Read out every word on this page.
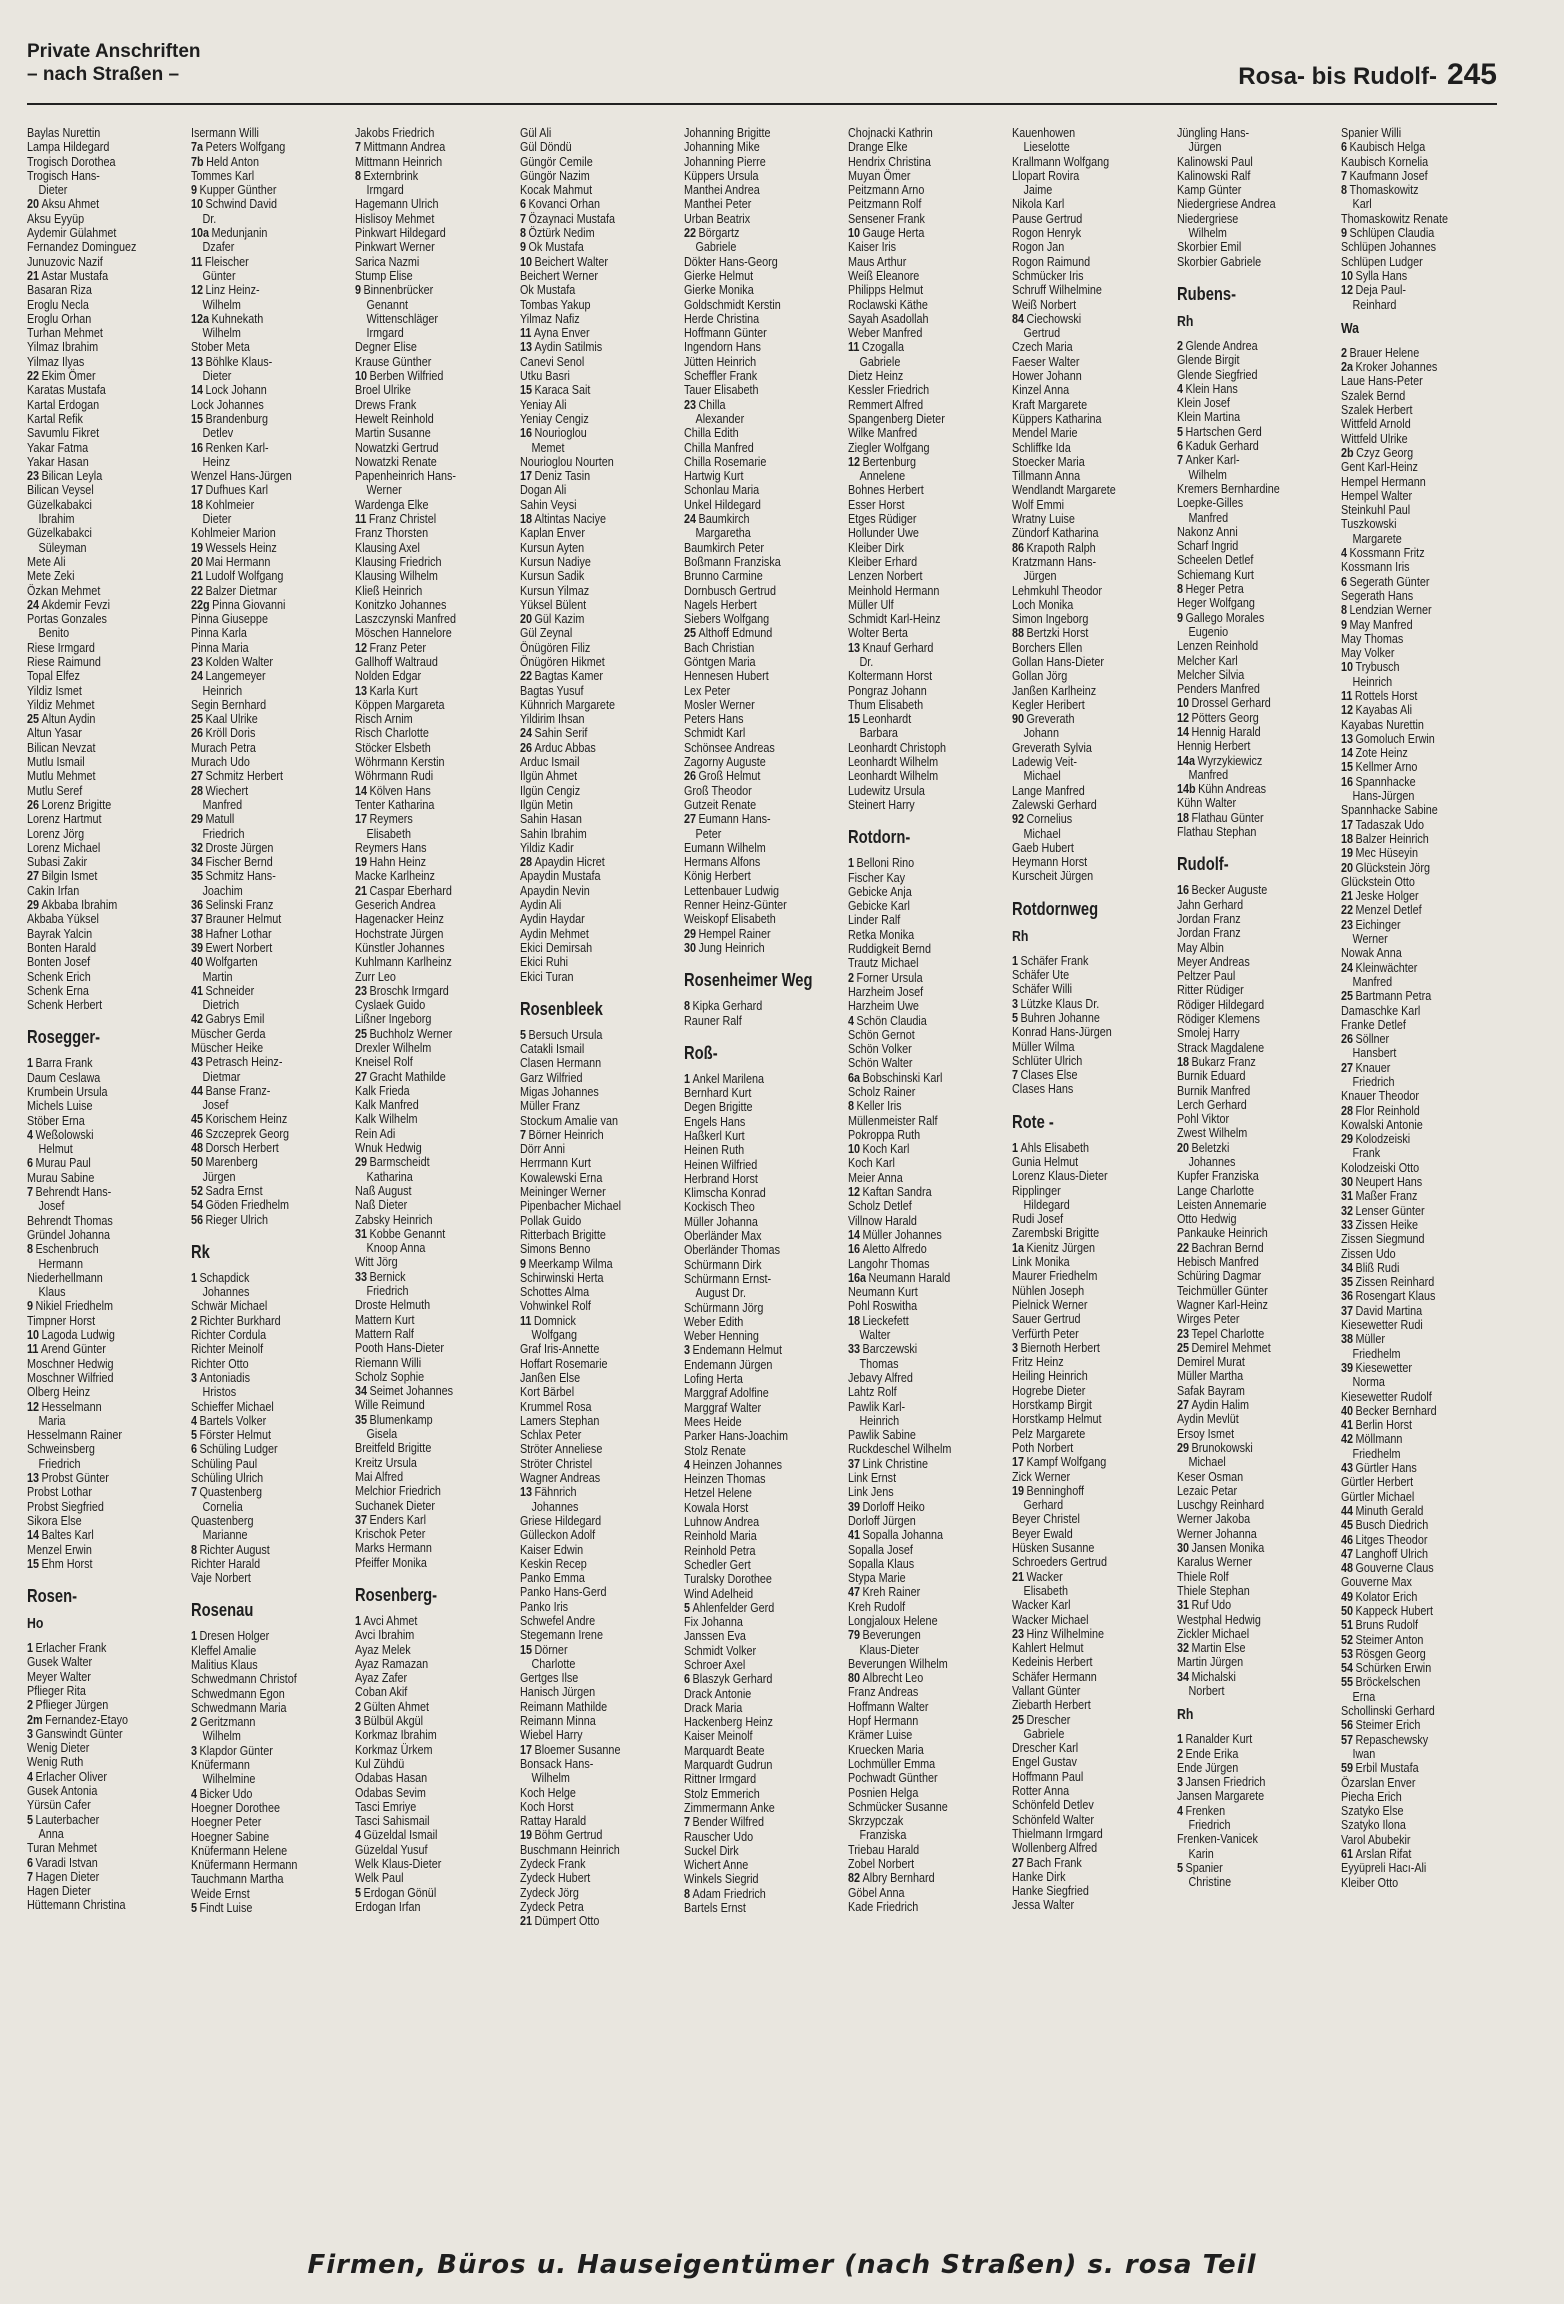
Private Anschriften
– nach Straßen –	Rosa- bis Rudolf- 245
Baylas Nurettin
Lampa Hildegard
Trogisch Dorothea
Trogisch Hans-
Dieter
20 Aksu Ahmet
Aksu Eyyüp
Aydemir Gülahmet
Fernandez Dominguez
Junuzovic Nazif
21 Astar Mustafa
Basaran Riza
Eroglu Necla
Eroglu Orhan
Turhan Mehmet
Yilmaz Ibrahim
Yilmaz Ilyas
22 Ekim Ömer
Karatas Mustafa
Kartal Erdogan
Kartal Refik
Savumlu Fikret
Yakar Fatma
Yakar Hasan
23 Bilican Leyla
Bilican Veysel
Güzelkabakci
Ibrahim
Güzelkabakci
Süleyman
Mete Ali
Mete Zeki
Özkan Mehmet
24 Akdemir Fevzi
Portas Gonzales
Benito
Riese Irmgard
Riese Raimund
Topal Elfez
Yildiz Ismet
Yildiz Mehmet
25 Altun Aydin
Altun Yasar
Bilican Nevzat
Mutlu Ismail
Mutlu Mehmet
Mutlu Seref
26 Lorenz Brigitte
Lorenz Hartmut
Lorenz Jörg
Lorenz Michael
Subasi Zakir
27 Bilgin Ismet
Cakin Irfan
29 Akbaba Ibrahim
Akbaba Yüksel
Bayrak Yalcin
Bonten Harald
Bonten Josef
Schenk Erich
Schenk Erna
Schenk Herbert
Rosegger-
1 Barra Frank
Daum Ceslawa
Krumbein Ursula
Michels Luise
Stöber Erna
4 Weßolowski
Helmut
6 Murau Paul
Murau Sabine
7 Behrendt Hans-
Josef
Behrendt Thomas
Gründel Johanna
8 Eschenbruch
Hermann
Niederhellmann
Klaus
9 Nikiel Friedhelm
Timpner Horst
10 Lagoda Ludwig
11 Arend Günter
Moschner Hedwig
Moschner Wilfried
Olberg Heinz
12 Hesselmann
Maria
Hesselmann Rainer
Schweinsberg
Friedrich
13 Probst Günter
Probst Lothar
Probst Siegfried
Sikora Else
14 Baltes Karl
Menzel Erwin
15 Ehm Horst
Rosen-
Ho
1 Erlacher Frank
Gusek Walter
Meyer Walter
Pflieger Rita
2 Pflieger Jürgen
2m Fernandez-Etayo
3 Ganswindt Günter
Wenig Dieter
Wenig Ruth
4 Erlacher Oliver
Gusek Antonia
Yürsün Cafer
5 Lauterbacher
Anna
Turan Mehmet
6 Varadi Istvan
7 Hagen Dieter
Hagen Dieter
Hüttemann Christina
Isermann Willi
7a Peters Wolfgang
7b Held Anton
Tommes Karl
9 Kupper Günther
10 Schwind David
Dr.
10a Medunjanin
Dzafer
11 Fleischer
Günter
12 Linz Heinz-
Wilhelm
12a Kuhnekath
Wilhelm
Stober Meta
13 Böhlke Klaus-
Dieter
14 Lock Johann
Lock Johannes
15 Brandenburg
Detlev
16 Renken Karl-
Heinz
Wenzel Hans-Jürgen
17 Dufhues Karl
18 Kohlmeier
Dieter
Kohlmeier Marion
19 Wessels Heinz
20 Mai Hermann
21 Ludolf Wolfgang
22 Balzer Dietmar
22g Pinna Giovanni
Pinna Giuseppe
Pinna Karla
Pinna Maria
23 Kolden Walter
24 Langemeyer
Heinrich
Segin Bernhard
25 Kaal Ulrike
26 Kröll Doris
Murach Petra
Murach Udo
27 Schmitz Herbert
28 Wiechert
Manfred
29 Matull
Friedrich
32 Droste Jürgen
34 Fischer Bernd
35 Schmitz Hans-
Joachim
36 Selinski Franz
37 Brauner Helmut
38 Hafner Lothar
39 Ewert Norbert
40 Wolfgarten
Martin
41 Schneider
Dietrich
42 Gabrys Emil
Müscher Gerda
Müscher Heike
43 Petrasch Heinz-
Dietmar
44 Banse Franz-
Josef
45 Korischem Heinz
46 Szczeprek Georg
48 Dorsch Herbert
50 Marenberg
Jürgen
52 Sadra Ernst
54 Göden Friedhelm
56 Rieger Ulrich
Rk
1 Schapdick
Johannes
Schwär Michael
2 Richter Burkhard
Richter Cordula
Richter Meinolf
Richter Otto
3 Antoniadis
Hristos
Schieffer Michael
4 Bartels Volker
5 Förster Helmut
6 Schüling Ludger
Schüling Paul
Schüling Ulrich
7 Quastenberg
Cornelia
Quastenberg
Marianne
8 Richter August
Richter Harald
Vaje Norbert
Rosenau
1 Dresen Holger
Kleffel Amalie
Malitius Klaus
Schwedmann Christof
Schwedmann Egon
Schwedmann Maria
2 Geritzmann
Wilhelm
3 Klapdor Günter
Knüfermann
Wilhelmine
4 Bicker Udo
Hoegner Dorothee
Hoegner Peter
Hoegner Sabine
Knüfermann Helene
Knüfermann Hermann
Tauchmann Martha
Weide Ernst
5 Findt Luise
Jakobs Friedrich
7 Mittmann Andrea
Mittmann Heinrich
8 Externbrink
Irmgard
Hagemann Ulrich
Hislisoy Mehmet
Pinkwart Hildegard
Pinkwart Werner
Sarica Nazmi
Stump Elise
9 Binnenbrücker
Genannt
Wittenschläger
Irmgard
Degner Elise
Krause Günther
10 Berben Wilfried
Broel Ulrike
Drews Frank
Hewelt Reinhold
Martin Susanne
Nowatzki Gertrud
Nowatzki Renate
Papenheinrich Hans-
Werner
Wardenga Elke
11 Franz Christel
Franz Thorsten
Klausing Axel
Klausing Friedrich
Klausing Wilhelm
Kließ Heinrich
Konitzko Johannes
Laszczynski Manfred
Möschen Hannelore
12 Franz Peter
Gallhoff Waltraud
Nolden Edgar
13 Karla Kurt
Köppen Margareta
Risch Arnim
Risch Charlotte
Stöcker Elsbeth
Wöhrmann Kerstin
Wöhrmann Rudi
14 Kölven Hans
Tenter Katharina
17 Reymers
Elisabeth
Reymers Hans
19 Hahn Heinz
Macke Karlheinz
21 Caspar Eberhard
Geserich Andrea
Hagenacker Heinz
Hochstrate Jürgen
Künstler Johannes
Kuhlmann Karlheinz
Zurr Leo
23 Broschk Irmgard
Cyslaek Guido
Lißner Ingeborg
25 Buchholz Werner
Drexler Wilhelm
Kneisel Rolf
27 Gracht Mathilde
Kalk Frieda
Kalk Manfred
Kalk Wilhelm
Rein Adi
Wnuk Hedwig
29 Barmscheidt
Katharina
Naß August
Naß Dieter
Zabsky Heinrich
31 Kobbe Genannt
Knoop Anna
Witt Jörg
33 Bernick
Friedrich
Droste Helmuth
Mattern Kurt
Mattern Ralf
Pooth Hans-Dieter
Riemann Willi
Scholz Sophie
34 Seimet Johannes
Wille Reimund
35 Blumenkamp
Gisela
Breitfeld Brigitte
Kreitz Ursula
Mai Alfred
Melchior Friedrich
Suchanek Dieter
37 Enders Karl
Krischok Peter
Marks Hermann
Pfeiffer Monika
Rosenberg-
1 Avci Ahmet
Avci Ibrahim
Ayaz Melek
Ayaz Ramazan
Ayaz Zafer
Coban Akif
2 Gülten Ahmet
3 Bülbül Akgül
Korkmaz Ibrahim
Korkmaz Ürkem
Kul Zühdü
Odabas Hasan
Odabas Sevim
Tasci Emriye
Tasci Sahismail
4 Güzeldal Ismail
Güzeldal Yusuf
Welk Klaus-Dieter
Welk Paul
5 Erdogan Gönül
Erdogan Irfan
Gül Ali
Gül Döndü
Güngör Cemile
Güngör Nazim
Kocak Mahmut
6 Kovanci Orhan
7 Özaynaci Mustafa
8 Öztürk Nedim
9 Ok Mustafa
10 Beichert Walter
Beichert Werner
Ok Mustafa
Tombas Yakup
Yilmaz Nafiz
11 Ayna Enver
13 Aydin Satilmis
Canevi Senol
Utku Basri
15 Karaca Sait
Yeniay Ali
Yeniay Cengiz
16 Nourioglou
Memet
Nourioglou Nourten
17 Deniz Tasin
Dogan Ali
Sahin Veysi
18 Altintas Naciye
Kaplan Enver
Kursun Ayten
Kursun Nadiye
Kursun Sadik
Kursun Yilmaz
Yüksel Bülent
20 Gül Kazim
Gül Zeynal
Önügören Filiz
Önügören Hikmet
22 Bagtas Kamer
Bagtas Yusuf
Kühnrich Margarete
Yildirim Ihsan
24 Sahin Serif
26 Arduc Abbas
Arduc Ismail
Ilgün Ahmet
Ilgün Cengiz
Ilgün Metin
Sahin Hasan
Sahin Ibrahim
Yildiz Kadir
28 Apaydin Hicret
Apaydin Mustafa
Apaydin Nevin
Aydin Ali
Aydin Haydar
Aydin Mehmet
Ekici Demirsah
Ekici Ruhi
Ekici Turan
Rosenbleek
5 Bersuch Ursula
Catakli Ismail
Clasen Hermann
Garz Wilfried
Migas Johannes
Müller Franz
Stockum Amalie van
7 Börner Heinrich
Dörr Anni
Herrmann Kurt
Kowalewski Erna
Meininger Werner
Pipenbacher Michael
Pollak Guido
Ritterbach Brigitte
Simons Benno
9 Meerkamp Wilma
Schirwinski Herta
Schottes Alma
Vohwinkel Rolf
11 Domnick
Wolfgang
Graf Iris-Annette
Hoffart Rosemarie
Janßen Else
Kort Bärbel
Krummel Rosa
Lamers Stephan
Schlax Peter
Ströter Anneliese
Ströter Christel
Wagner Andreas
13 Fähnrich
Johannes
Griese Hildegard
Gülleckon Adolf
Kaiser Edwin
Keskin Recep
Panko Emma
Panko Hans-Gerd
Panko Iris
Schwefel Andre
Stegemann Irene
15 Dörner
Charlotte
Gertges Ilse
Hanisch Jürgen
Reimann Mathilde
Reimann Minna
Wiebel Harry
17 Bloemer Susanne
Bonsack Hans-
Wilhelm
Koch Helge
Koch Horst
Rattay Harald
19 Böhm Gertrud
Buschmann Heinrich
Zydeck Frank
Zydeck Hubert
Zydeck Jörg
Zydeck Petra
21 Dümpert Otto
Johanning Brigitte
Johanning Mike
Johanning Pierre
Küppers Ursula
Manthei Andrea
Manthei Peter
Urban Beatrix
22 Börgartz
Gabriele
Dökter Hans-Georg
Gierke Helmut
Gierke Monika
Goldschmidt Kerstin
Herde Christina
Hoffmann Günter
Ingendorn Hans
Jütten Heinrich
Scheffler Frank
Tauer Elisabeth
23 Chilla
Alexander
Chilla Edith
Chilla Manfred
Chilla Rosemarie
Hartwig Kurt
Schonlau Maria
Unkel Hildegard
24 Baumkirch
Margaretha
Baumkirch Peter
Boßmann Franziska
Brunno Carmine
Dornbusch Gertrud
Nagels Herbert
Siebers Wolfgang
25 Althoff Edmund
Bach Christian
Göntgen Maria
Hennesen Hubert
Lex Peter
Mosler Werner
Peters Hans
Schmidt Karl
Schönsee Andreas
Zagorny Auguste
26 Groß Helmut
Groß Theodor
Gutzeit Renate
27 Eumann Hans-
Peter
Eumann Wilhelm
Hermans Alfons
König Herbert
Lettenbauer Ludwig
Renner Heinz-Günter
Weiskopf Elisabeth
29 Hempel Rainer
30 Jung Heinrich
Rosenheimer Weg
8 Kipka Gerhard
Rauner Ralf
Roß-
1 Ankel Marilena
Bernhard Kurt
Degen Brigitte
Engels Hans
Haßkerl Kurt
Heinen Ruth
Heinen Wilfried
Herbrand Horst
Klimscha Konrad
Kockisch Theo
Müller Johanna
Oberländer Max
Oberländer Thomas
Schürmann Dirk
Schürmann Ernst-
August Dr.
Schürmann Jörg
Weber Edith
Weber Henning
3 Endemann Helmut
Endemann Jürgen
Lofing Herta
Marggraf Adolfine
Marggraf Walter
Mees Heide
Parker Hans-Joachim
Stolz Renate
4 Heinzen Johannes
Heinzen Thomas
Hetzel Helene
Kowala Horst
Luhnow Andrea
Reinhold Maria
Reinhold Petra
Schedler Gert
Turalsky Dorothee
Wind Adelheid
5 Ahlenfelder Gerd
Fix Johanna
Janssen Eva
Schmidt Volker
Schroer Axel
6 Blaszyk Gerhard
Drack Antonie
Drack Maria
Hackenberg Heinz
Kaiser Meinolf
Marquardt Beate
Marquardt Gudrun
Rittner Irmgard
Stolz Emmerich
Zimmermann Anke
7 Bender Wilfred
Rauscher Udo
Suckel Dirk
Wichert Anne
Winkels Siegrid
8 Adam Friedrich
Bartels Ernst
Chojnacki Kathrin
Drange Elke
Hendrix Christina
Muyan Ömer
Peitzmann Arno
Peitzmann Rolf
Sensener Frank
10 Gauge Herta
Kaiser Iris
Maus Arthur
Weiß Eleanore
Philipps Helmut
Roclawski Käthe
Sayah Asadollah
Weber Manfred
11 Czogalla
Gabriele
Dietz Heinz
Kessler Friedrich
Remmert Alfred
Spangenberg Dieter
Wilke Manfred
Ziegler Wolfgang
12 Bertenburg
Annelene
Bohnes Herbert
Esser Horst
Etges Rüdiger
Hollunder Uwe
Kleiber Dirk
Kleiber Erhard
Lenzen Norbert
Meinhold Hermann
Müller Ulf
Schmidt Karl-Heinz
Wolter Berta
13 Knauf Gerhard
Dr.
Koltermann Horst
Pongraz Johann
Thum Elisabeth
15 Leonhardt
Barbara
Leonhardt Christoph
Leonhardt Wilhelm
Leonhardt Wilhelm
Ludewitz Ursula
Steinert Harry
Rotdorn-
1 Belloni Rino
Fischer Kay
Gebicke Anja
Gebicke Karl
Linder Ralf
Retka Monika
Ruddigkeit Bernd
Trautz Michael
2 Forner Ursula
Harzheim Josef
Harzheim Uwe
4 Schön Claudia
Schön Gernot
Schön Volker
Schön Walter
6a Bobschinski Karl
Scholz Rainer
8 Keller Iris
Müllenmeister Ralf
Pokroppa Ruth
10 Koch Karl
Koch Karl
Meier Anna
12 Kaftan Sandra
Scholz Detlef
Villnow Harald
14 Müller Johannes
16 Aletto Alfredo
Langohr Thomas
16a Neumann Harald
Neumann Kurt
Pohl Roswitha
18 Lieckefett
Walter
33 Barczewski
Thomas
Jebavy Alfred
Lahtz Rolf
Pawlik Karl-
Heinrich
Pawlik Sabine
Ruckdeschel Wilhelm
37 Link Christine
Link Ernst
Link Jens
39 Dorloff Heiko
Dorloff Jürgen
41 Sopalla Johanna
Sopalla Josef
Sopalla Klaus
Stypa Marie
47 Kreh Rainer
Kreh Rudolf
Longjaloux Helene
79 Beverungen
Klaus-Dieter
Beverungen Wilhelm
80 Albrecht Leo
Franz Andreas
Hoffmann Walter
Hopf Hermann
Krämer Luise
Kruecken Maria
Lochmüller Emma
Pochwadt Günther
Posnien Helga
Schmücker Susanne
Skrzypczak
Franziska
Triebau Harald
Zobel Norbert
82 Albry Bernhard
Göbel Anna
Kade Friedrich
Kauenhowen
Lieselotte
Krallmann Wolfgang
Llopart Rovira
Jaime
Nikola Karl
Pause Gertrud
Rogon Henryk
Rogon Jan
Rogon Raimund
Schmücker Iris
Schruff Wilhelmine
Weiß Norbert
84 Ciechowski
Gertrud
Czech Maria
Faeser Walter
Hower Johann
Kinzel Anna
Kraft Margarete
Küppers Katharina
Mendel Marie
Schliffke Ida
Stoecker Maria
Tillmann Anna
Wendlandt Margarete
Wolf Emmi
Wratny Luise
Zündorf Katharina
86 Krapoth Ralph
Kratzmann Hans-
Jürgen
Lehmkuhl Theodor
Loch Monika
Simon Ingeborg
88 Bertzki Horst
Borchers Ellen
Gollan Hans-Dieter
Gollan Jörg
Janßen Karlheinz
Kegler Heribert
90 Greverath
Johann
Greverath Sylvia
Ladewig Veit-
Michael
Lange Manfred
Zalewski Gerhard
92 Cornelius
Michael
Gaeb Hubert
Heymann Horst
Kurscheit Jürgen
Rotdornweg
Rh
1 Schäfer Frank
Schäfer Ute
Schäfer Willi
3 Lützke Klaus Dr.
5 Buhren Johanne
Konrad Hans-Jürgen
Müller Wilma
Schlüter Ulrich
7 Clases Else
Clases Hans
Rote -
1 Ahls Elisabeth
Gunia Helmut
Lorenz Klaus-Dieter
Ripplinger
Hildegard
Rudi Josef
Zarembski Brigitte
1a Kienitz Jürgen
Link Monika
Maurer Friedhelm
Nühlen Joseph
Pielnick Werner
Sauer Gertrud
Verfürth Peter
3 Biernoth Herbert
Fritz Heinz
Heiling Heinrich
Hogrebe Dieter
Horstkamp Birgit
Horstkamp Helmut
Pelz Margarete
Poth Norbert
17 Kampf Wolfgang
Zick Werner
19 Benninghoff
Gerhard
Beyer Christel
Beyer Ewald
Hüsken Susanne
Schroeders Gertrud
21 Wacker
Elisabeth
Wacker Karl
Wacker Michael
23 Hinz Wilhelmine
Kahlert Helmut
Kedeinis Herbert
Schäfer Hermann
Vallant Günter
Ziebarth Herbert
25 Drescher
Gabriele
Drescher Karl
Engel Gustav
Hoffmann Paul
Rotter Anna
Schönfeld Detlev
Schönfeld Walter
Thielmann Irmgard
Wollenberg Alfred
27 Bach Frank
Hanke Dirk
Hanke Siegfried
Jessa Walter
Jüngling Hans-
Jürgen
Kalinowski Paul
Kalinowski Ralf
Kamp Günter
Niedergriese Andrea
Niedergriese
Wilhelm
Skorbier Emil
Skorbier Gabriele
Rubens-
Rh
2 Glende Andrea
Glende Birgit
Glende Siegfried
4 Klein Hans
Klein Josef
Klein Martina
5 Hartschen Gerd
6 Kaduk Gerhard
7 Anker Karl-
Wilhelm
Kremers Bernhardine
Loepke-Gilles
Manfred
Nakonz Anni
Scharf Ingrid
Scheelen Detlef
Schiemang Kurt
8 Heger Petra
Heger Wolfgang
9 Gallego Morales
Eugenio
Lenzen Reinhold
Melcher Karl
Melcher Silvia
Penders Manfred
10 Drossel Gerhard
12 Pötters Georg
14 Hennig Harald
Hennig Herbert
14a Wyrzykiewicz
Manfred
14b Kühn Andreas
Kühn Walter
18 Flathau Günter
Flathau Stephan
Rudolf-
16 Becker Auguste
Jahn Gerhard
Jordan Franz
Jordan Franz
May Albin
Meyer Andreas
Peltzer Paul
Ritter Rüdiger
Rödiger Hildegard
Rödiger Klemens
Smolej Harry
Strack Magdalene
18 Bukarz Franz
Burnik Eduard
Burnik Manfred
Lerch Gerhard
Pohl Viktor
Zwest Wilhelm
20 Beletzki
Johannes
Kupfer Franziska
Lange Charlotte
Leisten Annemarie
Otto Hedwig
Pankauke Heinrich
22 Bachran Bernd
Hebisch Manfred
Schüring Dagmar
Teichmüller Günter
Wagner Karl-Heinz
Wirges Peter
23 Tepel Charlotte
25 Demirel Mehmet
Demirel Murat
Müller Martha
Safak Bayram
27 Aydin Halim
Aydin Mevlüt
Ersoy Ismet
29 Brunokowski
Michael
Keser Osman
Lezaic Petar
Luschgy Reinhard
Werner Jakoba
Werner Johanna
30 Jansen Monika
Karalus Werner
Thiele Rolf
Thiele Stephan
31 Ruf Udo
Westphal Hedwig
Zickler Michael
32 Martin Else
Martin Jürgen
34 Michalski
Norbert
Rh
1 Ranalder Kurt
2 Ende Erika
Ende Jürgen
3 Jansen Friedrich
Jansen Margarete
4 Frenken
Friedrich
Frenken-Vanicek
Karin
5 Spanier
Christine
Spanier Willi
6 Kaubisch Helga
Kaubisch Kornelia
7 Kaufmann Josef
8 Thomaskowitz
Karl
Thomaskowitz Renate
9 Schlüpen Claudia
Schlüpen Johannes
Schlüpen Ludger
10 Sylla Hans
12 Deja Paul-
Reinhard
Wa
2 Brauer Helene
2a Kroker Johannes
Laue Hans-Peter
Szalek Bernd
Szalek Herbert
Wittfeld Arnold
Wittfeld Ulrike
2b Czyz Georg
Gent Karl-Heinz
Hempel Hermann
Hempel Walter
Steinkuhl Paul
Tuszkowski
Margarete
4 Kossmann Fritz
Kossmann Iris
6 Segerath Günter
Segerath Hans
8 Lendzian Werner
9 May Manfred
May Thomas
May Volker
10 Trybusch
Heinrich
11 Rottels Horst
12 Kayabas Ali
Kayabas Nurettin
13 Gomoluch Erwin
14 Zote Heinz
15 Kellmer Arno
16 Spannhacke
Hans-Jürgen
Spannhacke Sabine
17 Tadaszak Udo
18 Balzer Heinrich
19 Mec Hüseyin
20 Glückstein Jörg
Glückstein Otto
21 Jeske Holger
22 Menzel Detlef
23 Eichinger
Werner
Nowak Anna
24 Kleinwächter
Manfred
25 Bartmann Petra
Damaschke Karl
Franke Detlef
26 Söllner
Hansbert
27 Knauer
Friedrich
Knauer Theodor
28 Flor Reinhold
Kowalski Antonie
29 Kolodzeiski
Frank
Kolodzeiski Otto
30 Neupert Hans
31 Maßer Franz
32 Lenser Günter
33 Zissen Heike
Zissen Siegmund
Zissen Udo
34 Bliß Rudi
35 Zissen Reinhard
36 Rosengart Klaus
37 David Martina
Kiesewetter Rudi
38 Müller
Friedhelm
39 Kiesewetter
Norma
Kiesewetter Rudolf
40 Becker Bernhard
41 Berlin Horst
42 Möllmann
Friedhelm
43 Gürtler Hans
Gürtler Herbert
Gürtler Michael
44 Minuth Gerald
45 Busch Diedrich
46 Litges Theodor
47 Langhoff Ulrich
48 Gouverne Claus
Gouverne Max
49 Kolator Erich
50 Kappeck Hubert
51 Bruns Rudolf
52 Steimer Anton
53 Rösgen Georg
54 Schürken Erwin
55 Bröckelschen
Erna
Schollinski Gerhard
56 Steimer Erich
57 Repaschewsky
Iwan
59 Erbil Mustafa
Özarslan Enver
Piecha Erich
Szatyko Else
Szatyko Ilona
Varol Abubekir
61 Arslan Rifat
Eyyüpreli Hacı-Ali
Kleiber Otto
Firmen, Büros u. Hauseigentümer (nach Straßen) s. rosa Teil
